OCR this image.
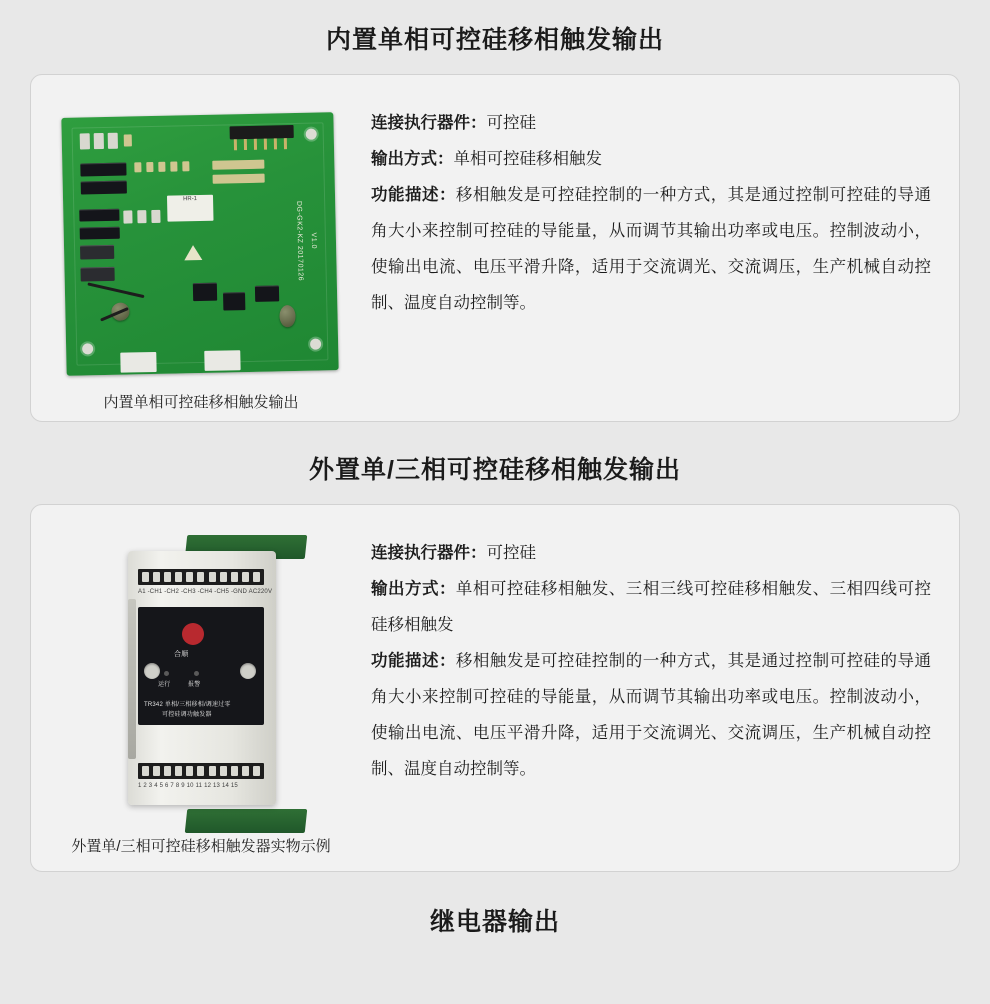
内置单相可控硅移相触发输出
HR-1
DG-GK2-KZ 20170126 V1.0
内置单相可控硅移相触发输出
连接执行器件：可控硅
输出方式：单相可控硅移相触发
功能描述：移相触发是可控硅控制的一种方式，其是通过控制可控硅的导通角大小来控制可控硅的导能量，从而调节其输出功率或电压。控制波动小，使输出电流、电压平滑升降，适用于交流调光、交流调压，生产机械自动控制、温度自动控制等。
外置单/三相可控硅移相触发输出
A1 -CH1 -CH2 -CH3 -CH4 -CH5 -GND AC220V
合顺
运行	报警
TR342 单相/三相移相/调速过零
可控硅调功触发器
1 2 3 4 5 6 7 8 9 10 11 12 13 14 15
外置单/三相可控硅移相触发器实物示例
连接执行器件：可控硅
输出方式：单相可控硅移相触发、三相三线可控硅移相触发、三相四线可控硅移相触发
功能描述：移相触发是可控硅控制的一种方式，其是通过控制可控硅的导通角大小来控制可控硅的导能量，从而调节其输出功率或电压。控制波动小，使输出电流、电压平滑升降，适用于交流调光、交流调压，生产机械自动控制、温度自动控制等。
继电器输出
